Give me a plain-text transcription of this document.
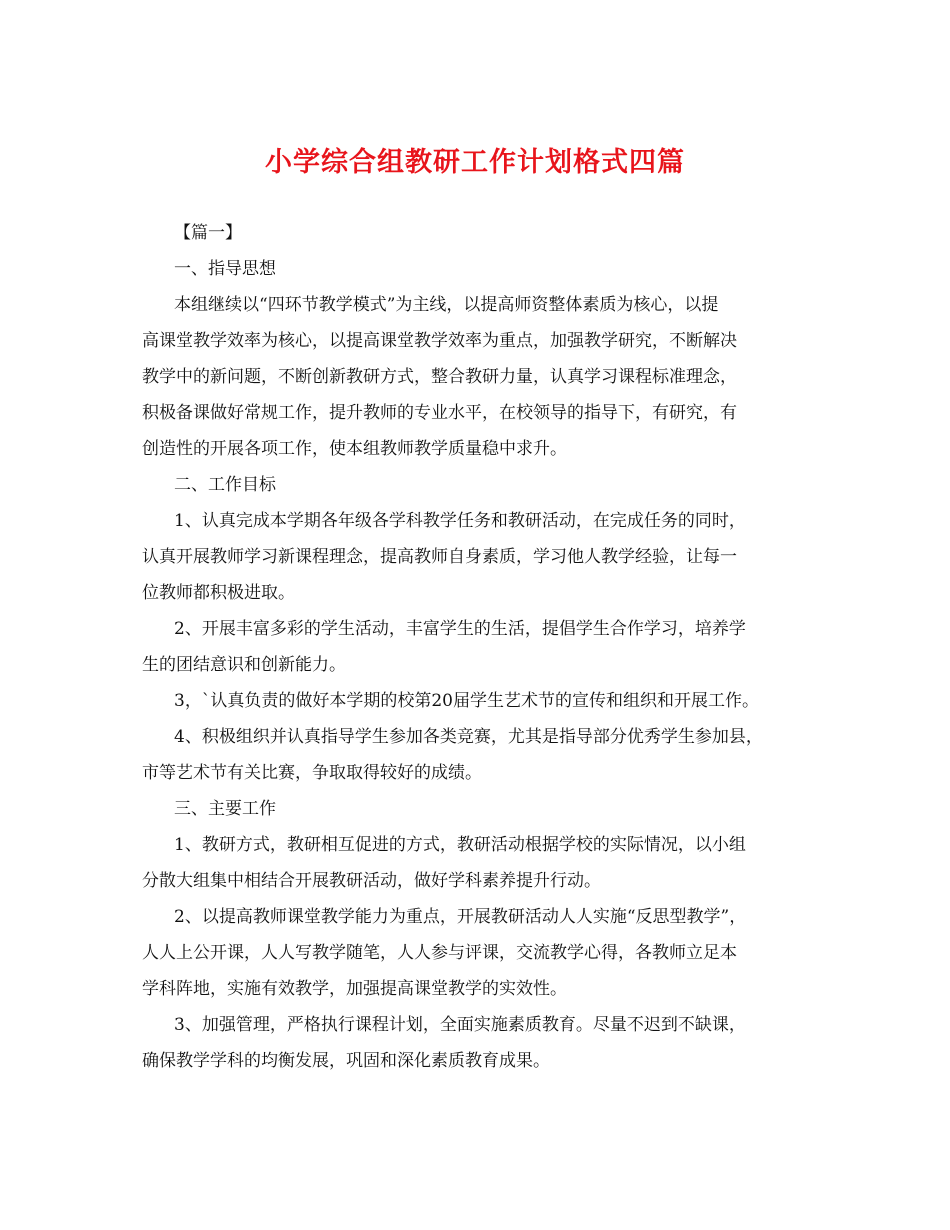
小学综合组教研工作计划格式四篇
【篇一】
一、指导思想
本组继续以“四环节教学模式”为主线，以提高师资整体素质为核心，以提
高课堂教学效率为核心，以提高课堂教学效率为重点，加强教学研究，不断解决
教学中的新问题，不断创新教研方式，整合教研力量，认真学习课程标准理念，
积极备课做好常规工作，提升教师的专业水平，在校领导的指导下，有研究，有
创造性的开展各项工作，使本组教师教学质量稳中求升。
二、工作目标
1、认真完成本学期各年级各学科教学任务和教研活动，在完成任务的同时，
认真开展教师学习新课程理念，提高教师自身素质，学习他人教学经验，让每一
位教师都积极进取。
2、开展丰富多彩的学生活动，丰富学生的生活，提倡学生合作学习，培养学
生的团结意识和创新能力。
3，`认真负责的做好本学期的校第20届学生艺术节的宣传和组织和开展工作。
4、积极组织并认真指导学生参加各类竞赛，尤其是指导部分优秀学生参加县，
市等艺术节有关比赛，争取取得较好的成绩。
三、主要工作
1、教研方式，教研相互促进的方式，教研活动根据学校的实际情况，以小组
分散大组集中相结合开展教研活动，做好学科素养提升行动。
2、以提高教师课堂教学能力为重点，开展教研活动人人实施“反思型教学”，
人人上公开课，人人写教学随笔，人人参与评课，交流教学心得，各教师立足本
学科阵地，实施有效教学，加强提高课堂教学的实效性。
3、加强管理，严格执行课程计划，全面实施素质教育。尽量不迟到不缺课，
确保教学学科的均衡发展，巩固和深化素质教育成果。
